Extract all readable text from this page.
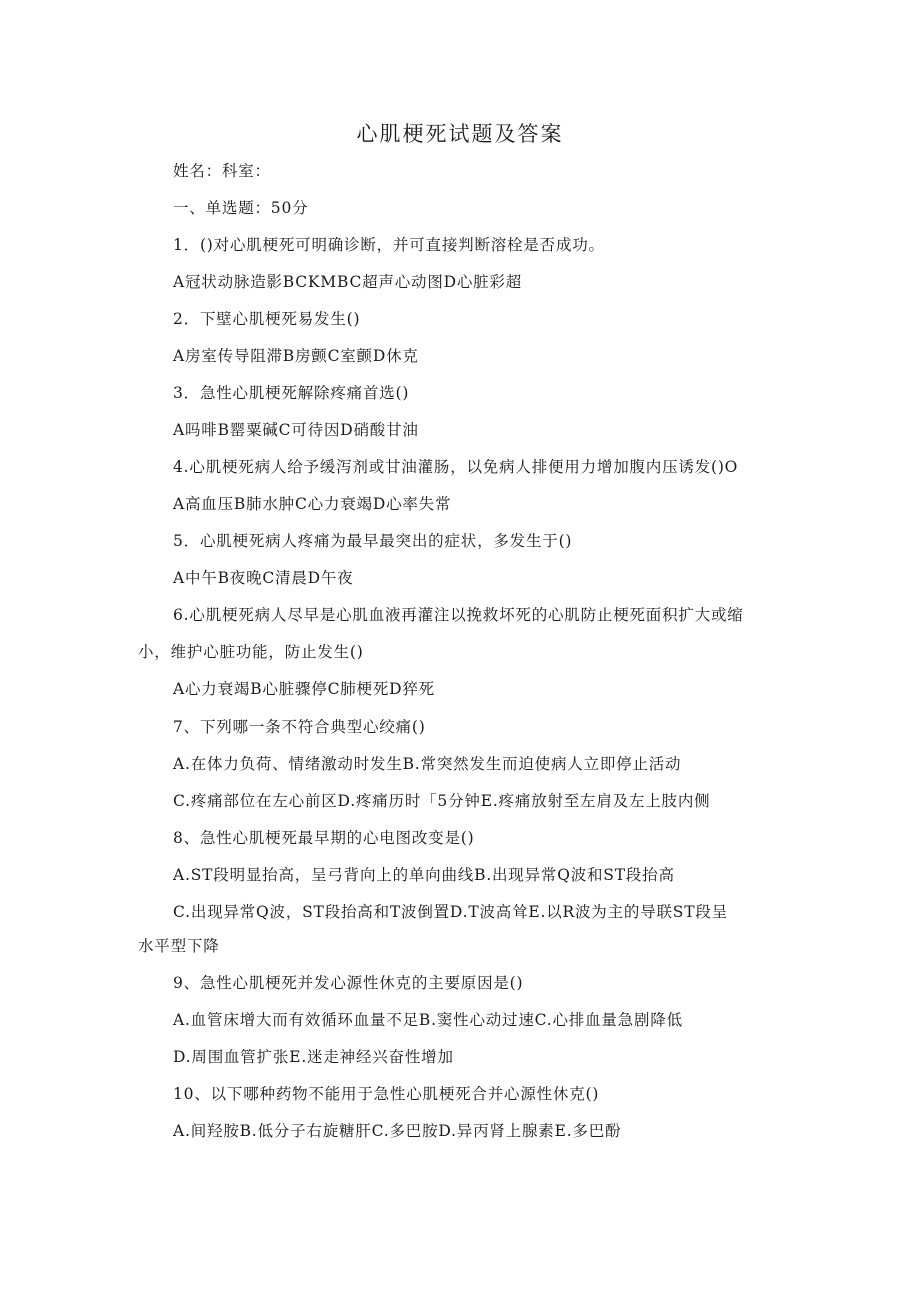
心肌梗死试题及答案
姓名：科室：
一、单选题：50分
1．()对心肌梗死可明确诊断，并可直接判断溶栓是否成功。
A冠状动脉造影BCKMBC超声心动图D心脏彩超
2．下壁心肌梗死易发生()
A房室传导阻滞B房颤C室颤D休克
3．急性心肌梗死解除疼痛首选()
A吗啡B罂粟碱C可待因D硝酸甘油
4.心肌梗死病人给予缓泻剂或甘油灌肠，以免病人排便用力增加腹内压诱发()O
A高血压B肺水肿C心力衰竭D心率失常
5．心肌梗死病人疼痛为最早最突出的症状，多发生于()
A中午B夜晚C清晨D午夜
6.心肌梗死病人尽早是心肌血液再灌注以挽救坏死的心肌防止梗死面积扩大或缩
小，维护心脏功能，防止发生()
A心力衰竭B心脏骤停C肺梗死D猝死
7、下列哪一条不符合典型心绞痛()
A.在体力负荷、情绪激动时发生B.常突然发生而迫使病人立即停止活动
C.疼痛部位在左心前区D.疼痛历时「5分钟E.疼痛放射至左肩及左上肢内侧
8、急性心肌梗死最早期的心电图改变是()
A.ST段明显抬高，呈弓背向上的单向曲线B.出现异常Q波和ST段抬高
C.出现异常Q波，ST段抬高和T波倒置D.T波高耸E.以R波为主的导联ST段呈
水平型下降
9、急性心肌梗死并发心源性休克的主要原因是()
A.血管床增大而有效循环血量不足B.窦性心动过速C.心排血量急剧降低
D.周围血管扩张E.迷走神经兴奋性增加
10、以下哪种药物不能用于急性心肌梗死合并心源性休克()
A.间羟胺B.低分子右旋糖肝C.多巴胺D.异丙肾上腺素E.多巴酚
